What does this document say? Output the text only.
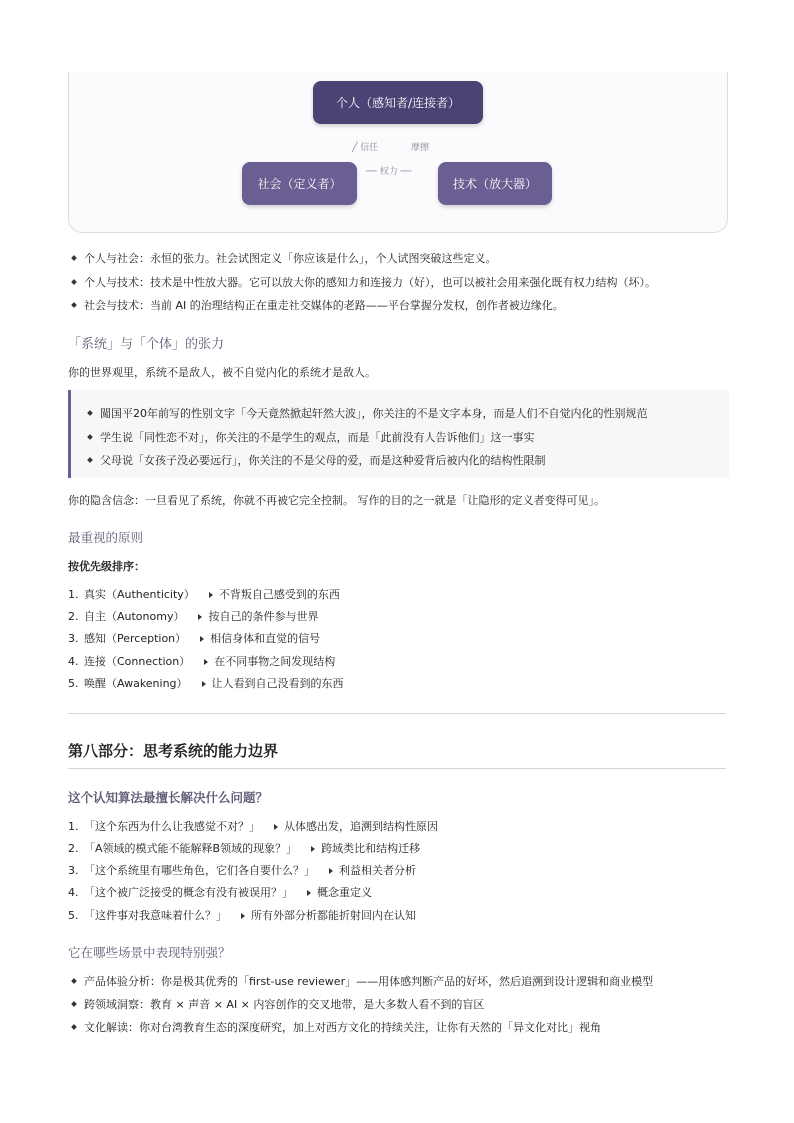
个人（感知者/连接者）
╱ 信任	摩擦
── 权力 ──
社会（定义者）	技术（放大器）
个人与社会：永恒的张力。社会试图定义「你应该是什么」，个人试图突破这些定义。
个人与技术：技术是中性放大器。它可以放大你的感知力和连接力（好），也可以被社会用来强化既有权力结构（坏）。
社会与技术：当前 AI 的治理结构正在重走社交媒体的老路——平台掌握分发权，创作者被边缘化。
「系统」与「个体」的张力
你的世界观里，系统不是敌人，被不自觉内化的系统才是敌人。
闖国平20年前写的性别文字「今天竟然掀起轩然大波」，你关注的不是文字本身，而是人们不自觉内化的性别规范
学生说「同性恋不对」，你关注的不是学生的观点，而是「此前没有人告诉他们」这一事实
父母说「女孩子没必要远行」，你关注的不是父母的爱，而是这种爱背后被内化的结构性限制
你的隐含信念：一旦看见了系统，你就不再被它完全控制。 写作的目的之一就是「让隐形的定义者变得可见」。
最重视的原则
按优先级排序：
1. 真实（Authenticity） 不背叛自己感受到的东西
2. 自主（Autonomy） 按自己的条件参与世界
3. 感知（Perception） 相信身体和直觉的信号
4. 连接（Connection） 在不同事物之间发现结构
5. 唤醒（Awakening） 让人看到自己没看到的东西
第八部分：思考系统的能力边界
这个认知算法最擅长解决什么问题？
1. 「这个东西为什么让我感觉不对？」 从体感出发，追溯到结构性原因
2. 「A领域的模式能不能解释B领域的现象？」 跨域类比和结构迁移
3. 「这个系统里有哪些角色，它们各自要什么？」 利益相关者分析
4. 「这个被广泛接受的概念有没有被误用？」 概念重定义
5. 「这件事对我意味着什么？」 所有外部分析都能折射回内在认知
它在哪些场景中表现特别强？
产品体验分析：你是极其优秀的「first-use reviewer」——用体感判断产品的好坏，然后追溯到设计逻辑和商业模型
跨领域洞察：教育 × 声音 × AI × 内容创作的交叉地带，是大多数人看不到的盲区
文化解读：你对台湾教育生态的深度研究，加上对西方文化的持续关注，让你有天然的「异文化对比」视角
